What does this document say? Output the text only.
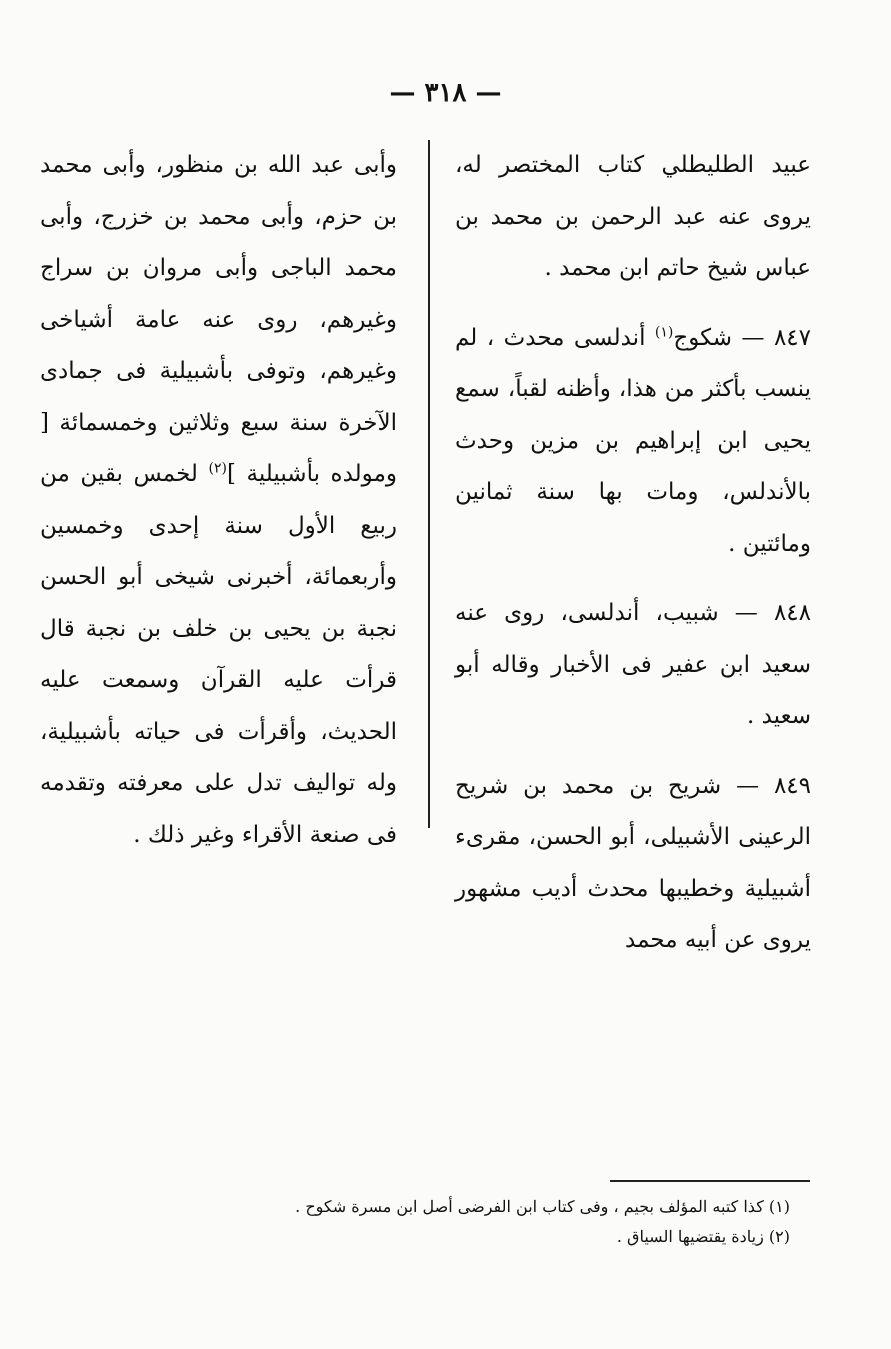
— ٣١٨ —

عبيد الطليطلي كتاب المختصر له، يروى عنه عبد الرحمن بن محمد بن عباس شيخ حاتم ابن محمد .

٨٤٧ — شكوج$^{(١)}$ أندلسى محدث ، لم ينسب بأكثر من هذا، وأظنه لقباً، سمع يحيى ابن إبراهيم بن مزين وحدث بالأندلس، ومات بها سنة ثمانين ومائتين .

٨٤٨ — شبيب، أندلسى، روى عنه سعيد ابن عفير فى الأخبار وقاله أبو سعيد .

٨٤٩ — شريح بن محمد بن شريح الرعينى الأشبيلى، أبو الحسن، مقرىء أشبيلية وخطيبها محدث أديب مشهور يروى عن أبيه محمد

وأبى عبد الله بن منظور، وأبى محمد بن حزم، وأبى محمد بن خزرج، وأبى محمد الباجى وأبى مروان بن سراج وغيرهم، روى عنه عامة أشياخى وغيرهم، وتوفى بأشبيلية فى جمادى الآخرة سنة سبع وثلاثين وخمسمائة [ ومولده بأشبيلية ]$^{(٢)}$ لخمس بقين من ربيع الأول سنة إحدى وخمسين وأربعمائة، أخبرنى شيخى أبو الحسن نجبة بن يحيى بن خلف بن نجبة قال قرأت عليه القرآن وسمعت عليه الحديث، وأقرأت فى حياته بأشبيلية، وله تواليف تدل على معرفته وتقدمه فى صنعة الأقراء وغير ذلك .

(١) كذا كتبه المؤلف بجيم ، وفى كتاب ابن الفرضى أصل ابن مسرة شكوح .
(٢) زيادة يقتضيها السياق .
